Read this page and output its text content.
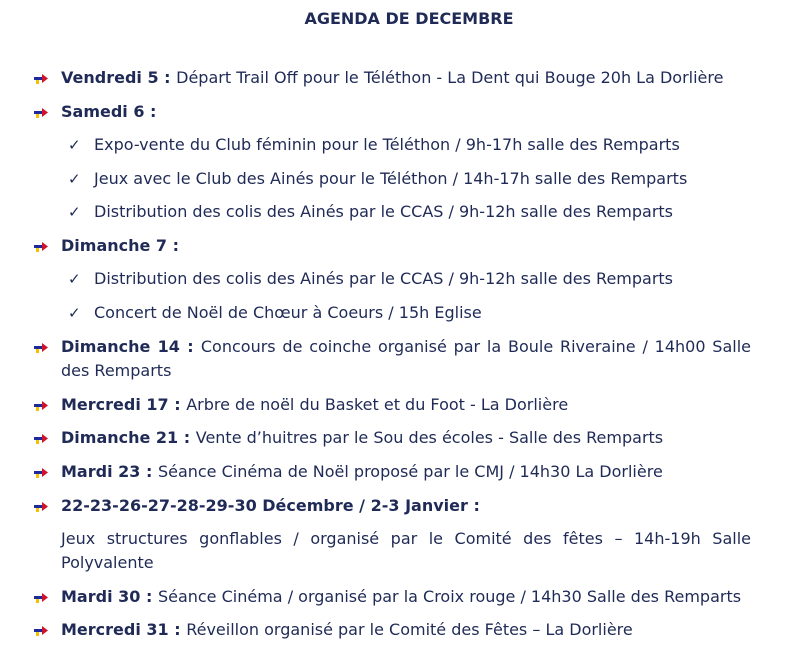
AGENDA DE DECEMBRE
Vendredi 5 : Départ Trail Off pour le Téléthon - La Dent qui Bouge 20h La Dorlière
Samedi 6 :
✓ Expo-vente du Club féminin pour le Téléthon / 9h-17h salle des Remparts
✓ Jeux avec le Club des Ainés pour le Téléthon / 14h-17h salle des Remparts
✓ Distribution des colis des Ainés par le CCAS / 9h-12h salle des Remparts
Dimanche 7 :
✓ Distribution des colis des Ainés par le CCAS / 9h-12h salle des Remparts
✓ Concert de Noël de Chœur à Coeurs / 15h Eglise
Dimanche 14 : Concours de coinche organisé par la Boule Riveraine / 14h00 Salle des Remparts
Mercredi 17 : Arbre de noël du Basket et du Foot - La Dorlière
Dimanche 21 : Vente d’huitres par le Sou des écoles - Salle des Remparts
Mardi 23 : Séance Cinéma de Noël proposé par le CMJ / 14h30 La Dorlière
22-23-26-27-28-29-30 Décembre / 2-3 Janvier :
Jeux structures gonflables / organisé par le Comité des fêtes – 14h-19h Salle Polyvalente
Mardi 30 : Séance Cinéma / organisé par la Croix rouge / 14h30 Salle des Remparts
Mercredi 31 : Réveillon organisé par le Comité des Fêtes – La Dorlière
